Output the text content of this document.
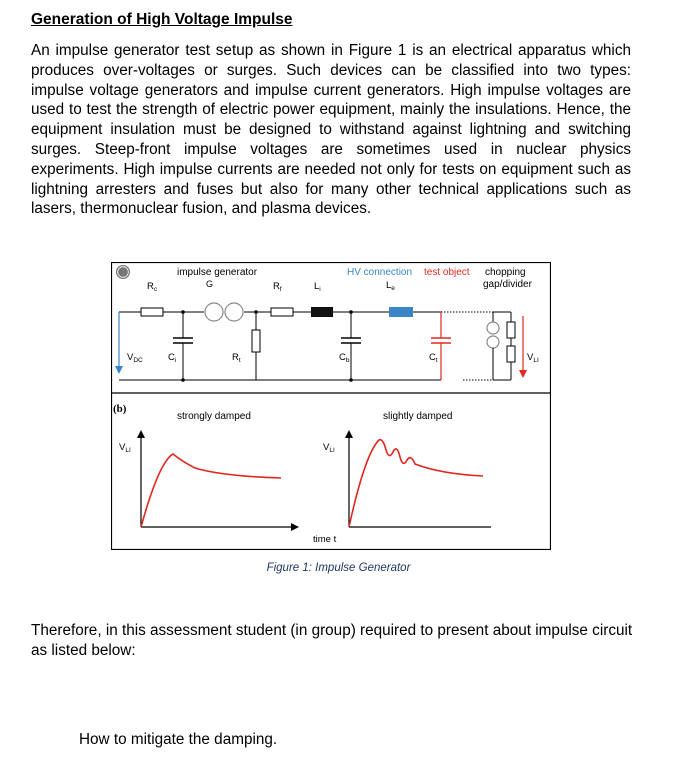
Generation of High Voltage Impulse

An impulse generator test setup as shown in Figure 1 is an electrical apparatus which produces over-voltages or surges. Such devices can be classified into two types: impulse voltage generators and impulse current generators. High impulse voltages are used to test the strength of electric power equipment, mainly the insulations. Hence, the equipment insulation must be designed to withstand against lightning and switching surges. Steep-front impulse voltages are sometimes used in nuclear physics experiments. High impulse currents are needed not only for tests on equipment such as lightning arresters and fuses but also for many other technical applications such as lasers, thermonuclear fusion, and plasma devices.

impulse generator
G
$R_c$	$R_f$	$L_i$
HV connection test object chopping
gap/divider
$L_e$
$V_{DC}$	$C_i$	$R_t$	$C_b$	$C_t$	$V_{LI}$
(b)
strongly damped	slightly damped
$V_{LI}$	$V_{LI}$
time t

Figure 1: Impulse Generator

Therefore, in this assessment student (in group) required to present about impulse circuit as listed below:

How to mitigate the damping.
